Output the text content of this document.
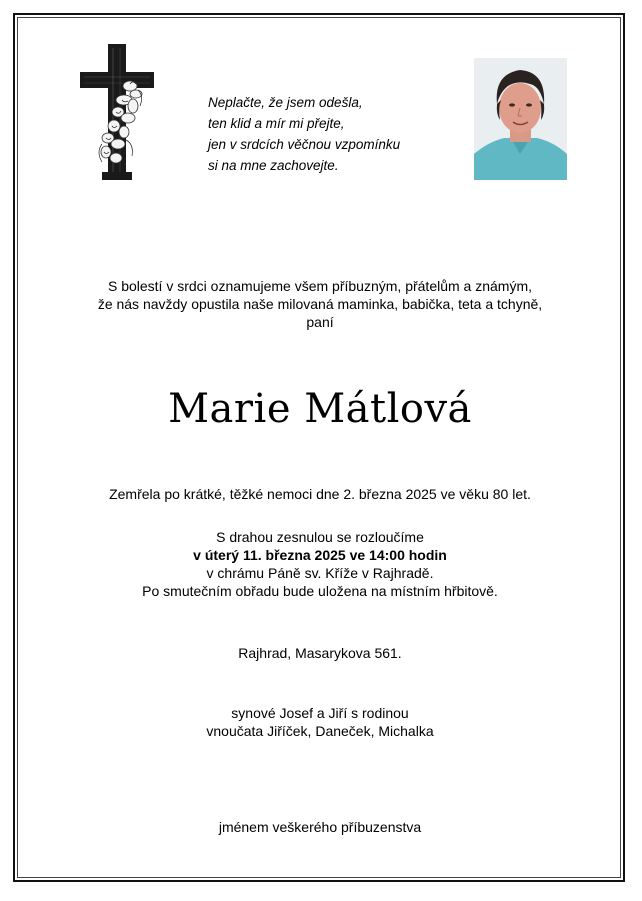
Neplačte, že jsem odešla,
ten klid a mír mi přejte,
jen v srdcích věčnou vzpomínku
si na mne zachovejte.
S bolestí v srdci oznamujeme všem příbuzným, přátelům a známým,
že nás navždy opustila naše milovaná maminka, babička, teta a tchyně,
paní
Marie Mátlová
Zemřela po krátké, těžké nemoci dne 2. března 2025 ve věku 80 let.
S drahou zesnulou se rozloučíme
v úterý 11. března 2025 ve 14:00 hodin
v chrámu Páně sv. Kříže v Rajhradě.
Po smutečním obřadu bude uložena na místním hřbitově.
Rajhrad, Masarykova 561.
synové Josef a Jiří s rodinou
vnoučata Jiříček, Daneček, Michalka
jménem veškerého příbuzenstva
